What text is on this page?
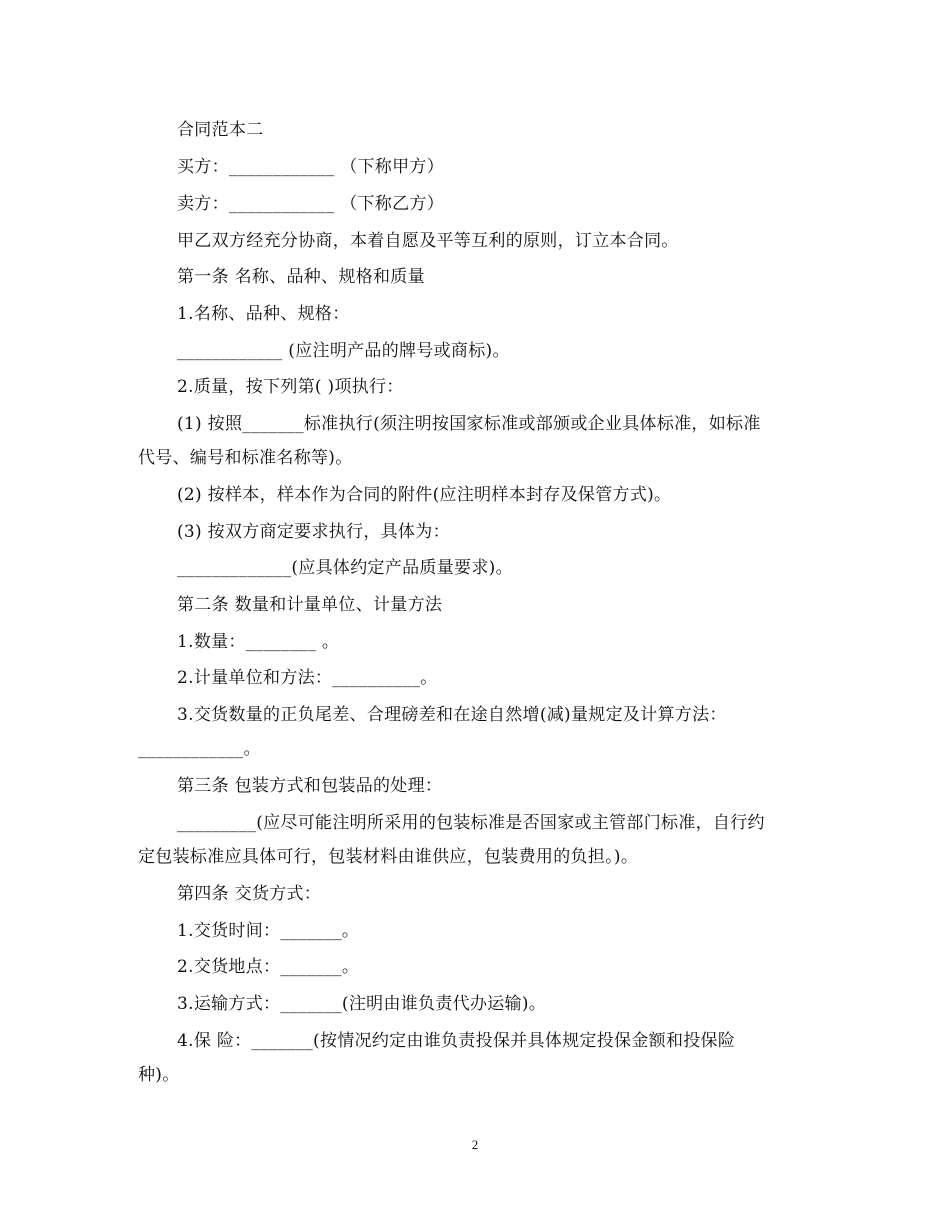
合同范本二
买方：____________ （下称甲方）
卖方：____________ （下称乙方）
甲乙双方经充分协商，本着自愿及平等互利的原则，订立本合同。
第一条 名称、品种、规格和质量
1.名称、品种、规格：
____________ (应注明产品的牌号或商标)。
2.质量，按下列第( )项执行：
(1) 按照_______标准执行(须注明按国家标准或部颁或企业具体标准，如标准
代号、编号和标准名称等)。
(2) 按样本，样本作为合同的附件(应注明样本封存及保管方式)。
(3) 按双方商定要求执行，具体为：
_____________(应具体约定产品质量要求)。
第二条 数量和计量单位、计量方法
1.数量：________ 。
2.计量单位和方法：__________。
3.交货数量的正负尾差、合理磅差和在途自然增(减)量规定及计算方法：
____________。
第三条 包装方式和包装品的处理：
_________(应尽可能注明所采用的包装标准是否国家或主管部门标准，自行约
定包装标准应具体可行，包装材料由谁供应，包装费用的负担。)。
第四条 交货方式：
1.交货时间：_______。
2.交货地点：_______。
3.运输方式：_______(注明由谁负责代办运输)。
4.保 险：_______(按情况约定由谁负责投保并具体规定投保金额和投保险
种)。
2
